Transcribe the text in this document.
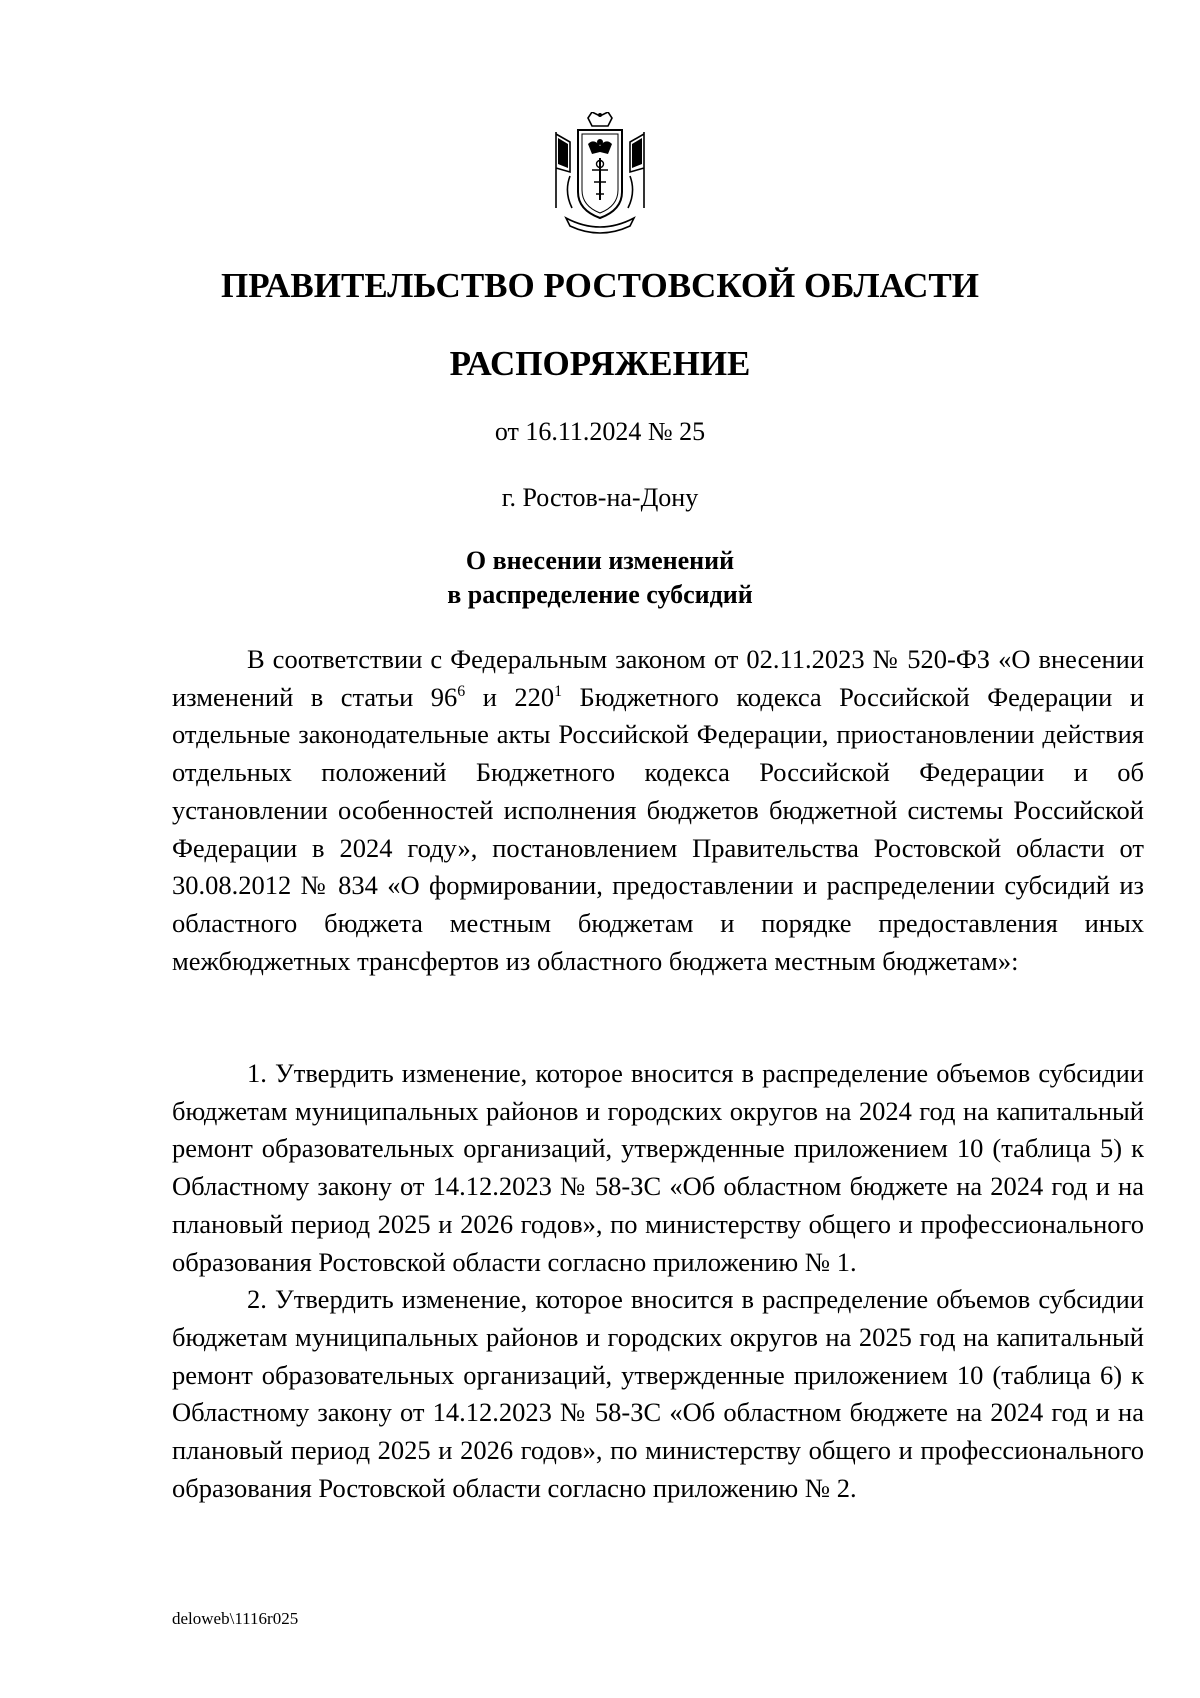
ПРАВИТЕЛЬСТВО РОСТОВСКОЙ ОБЛАСТИ
РАСПОРЯЖЕНИЕ
от 16.11.2024 № 25
г. Ростов-на-Дону
О внесении изменений
в распределение субсидий

В соответствии с Федеральным законом от 02.11.2023 № 520-ФЗ «О внесении изменений в статьи $96^6$ и $220^1$ Бюджетного кодекса Российской Федерации и отдельные законодательные акты Российской Федерации, приостановлении действия отдельных положений Бюджетного кодекса Российской Федерации и об установлении особенностей исполнения бюджетов бюджетной системы Российской Федерации в 2024 году», постановлением Правительства Ростовской области от 30.08.2012 № 834 «О формировании, предоставлении и распределении субсидий из областного бюджета местным бюджетам и порядке предоставления иных межбюджетных трансфертов из областного бюджета местным бюджетам»:

1. Утвердить изменение, которое вносится в распределение объемов субсидии бюджетам муниципальных районов и городских округов на 2024 год на капитальный ремонт образовательных организаций, утвержденные приложением 10 (таблица 5) к Областному закону от 14.12.2023 № 58-ЗС «Об областном бюджете на 2024 год и на плановый период 2025 и 2026 годов», по министерству общего и профессионального образования Ростовской области согласно приложению № 1.

2. Утвердить изменение, которое вносится в распределение объемов субсидии бюджетам муниципальных районов и городских округов на 2025 год на капитальный ремонт образовательных организаций, утвержденные приложением 10 (таблица 6) к Областному закону от 14.12.2023 № 58-ЗС «Об областном бюджете на 2024 год и на плановый период 2025 и 2026 годов», по министерству общего и профессионального образования Ростовской области согласно приложению № 2.

deloweb\1116r025
